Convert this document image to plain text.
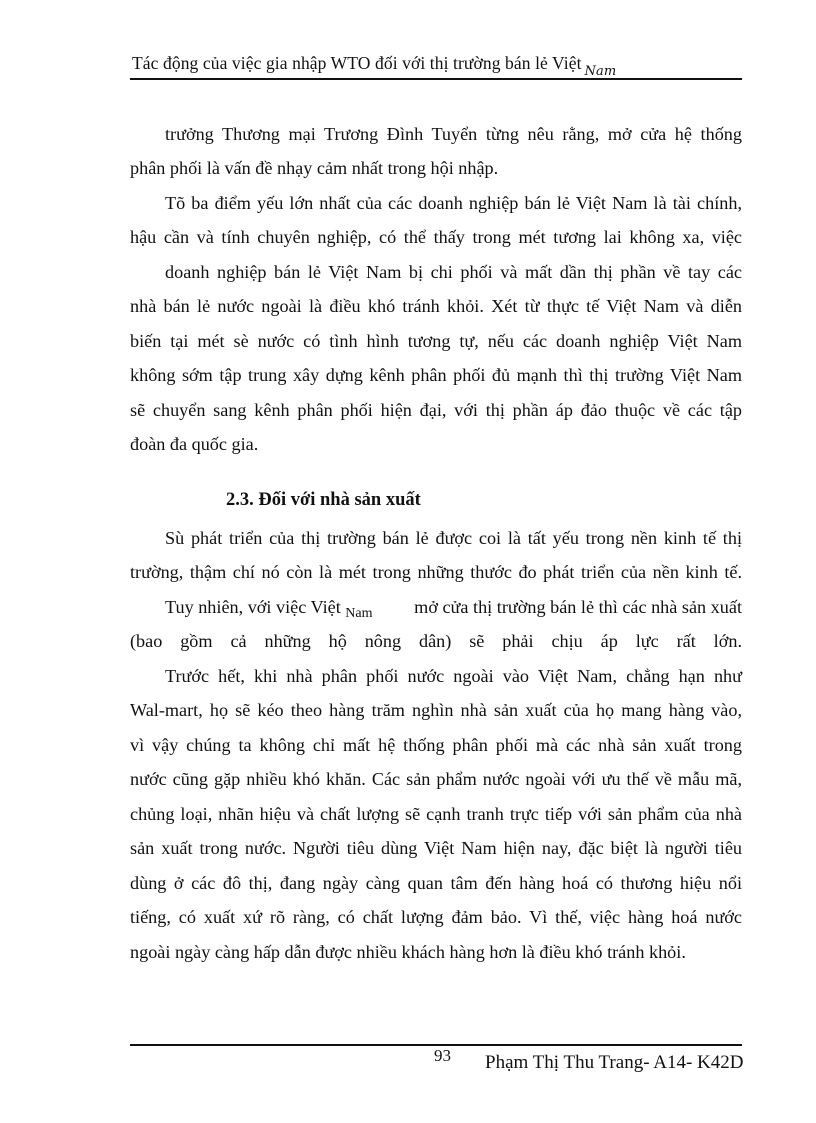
Tác động của việc gia nhập WTO đối với thị trường bán lẻ Việt $_{Nam}$
trưởng Thương mại Trương Đình Tuyển từng nêu rằng, mở cửa hệ thống
phân phối là vấn đề nhạy cảm nhất trong hội nhập.
Tõ ba điểm yếu lớn nhất của các doanh nghiệp bán lẻ Việt Nam là tài chính,
hậu cần và tính chuyên nghiệp, có thể thấy trong mét tương lai không xa, việc
doanh nghiệp bán lẻ Việt Nam bị chi phối và mất dần thị phần về tay các
nhà bán lẻ nước ngoài là điều khó tránh khỏi. Xét từ thực tế Việt Nam và diễn
biến tại mét sè nước có tình hình tương tự, nếu các doanh nghiệp Việt Nam
không sớm tập trung xây dựng kênh phân phối đủ mạnh thì thị trường Việt Nam
sẽ chuyển sang kênh phân phối hiện đại, với thị phần áp đảo thuộc về các tập
đoàn đa quốc gia.
2.3. Đối với nhà sản xuất
Sù phát triển của thị trường bán lẻ được coi là tất yếu trong nền kinh tế thị
trường, thậm chí nó còn là mét trong những thước đo phát triển của nền kinh tế.
Tuy nhiên, với việc Việt $_{Nam}$ mở cửa thị trường bán lẻ thì các nhà sản xuất
(bao gồm cả những hộ nông dân) sẽ phải chịu áp lực rất lớn.
Trước hết, khi nhà phân phối nước ngoài vào Việt Nam, chẳng hạn như
Wal-mart, họ sẽ kéo theo hàng trăm nghìn nhà sản xuất của họ mang hàng vào,
vì vậy chúng ta không chỉ mất hệ thống phân phối mà các nhà sản xuất trong
nước cũng gặp nhiều khó khăn. Các sản phẩm nước ngoài với ưu thế về mẫu mã,
chủng loại, nhãn hiệu và chất lượng sẽ cạnh tranh trực tiếp với sản phẩm của nhà
sản xuất trong nước. Người tiêu dùng Việt Nam hiện nay, đặc biệt là người tiêu
dùng ở các đô thị, đang ngày càng quan tâm đến hàng hoá có thương hiệu nổi
tiếng, có xuất xứ rõ ràng, có chất lượng đảm bảo. Vì thế, việc hàng hoá nước
ngoài ngày càng hấp dẫn được nhiều khách hàng hơn là điều khó tránh khỏi.
93 Phạm Thị Thu Trang- A14- K42D
